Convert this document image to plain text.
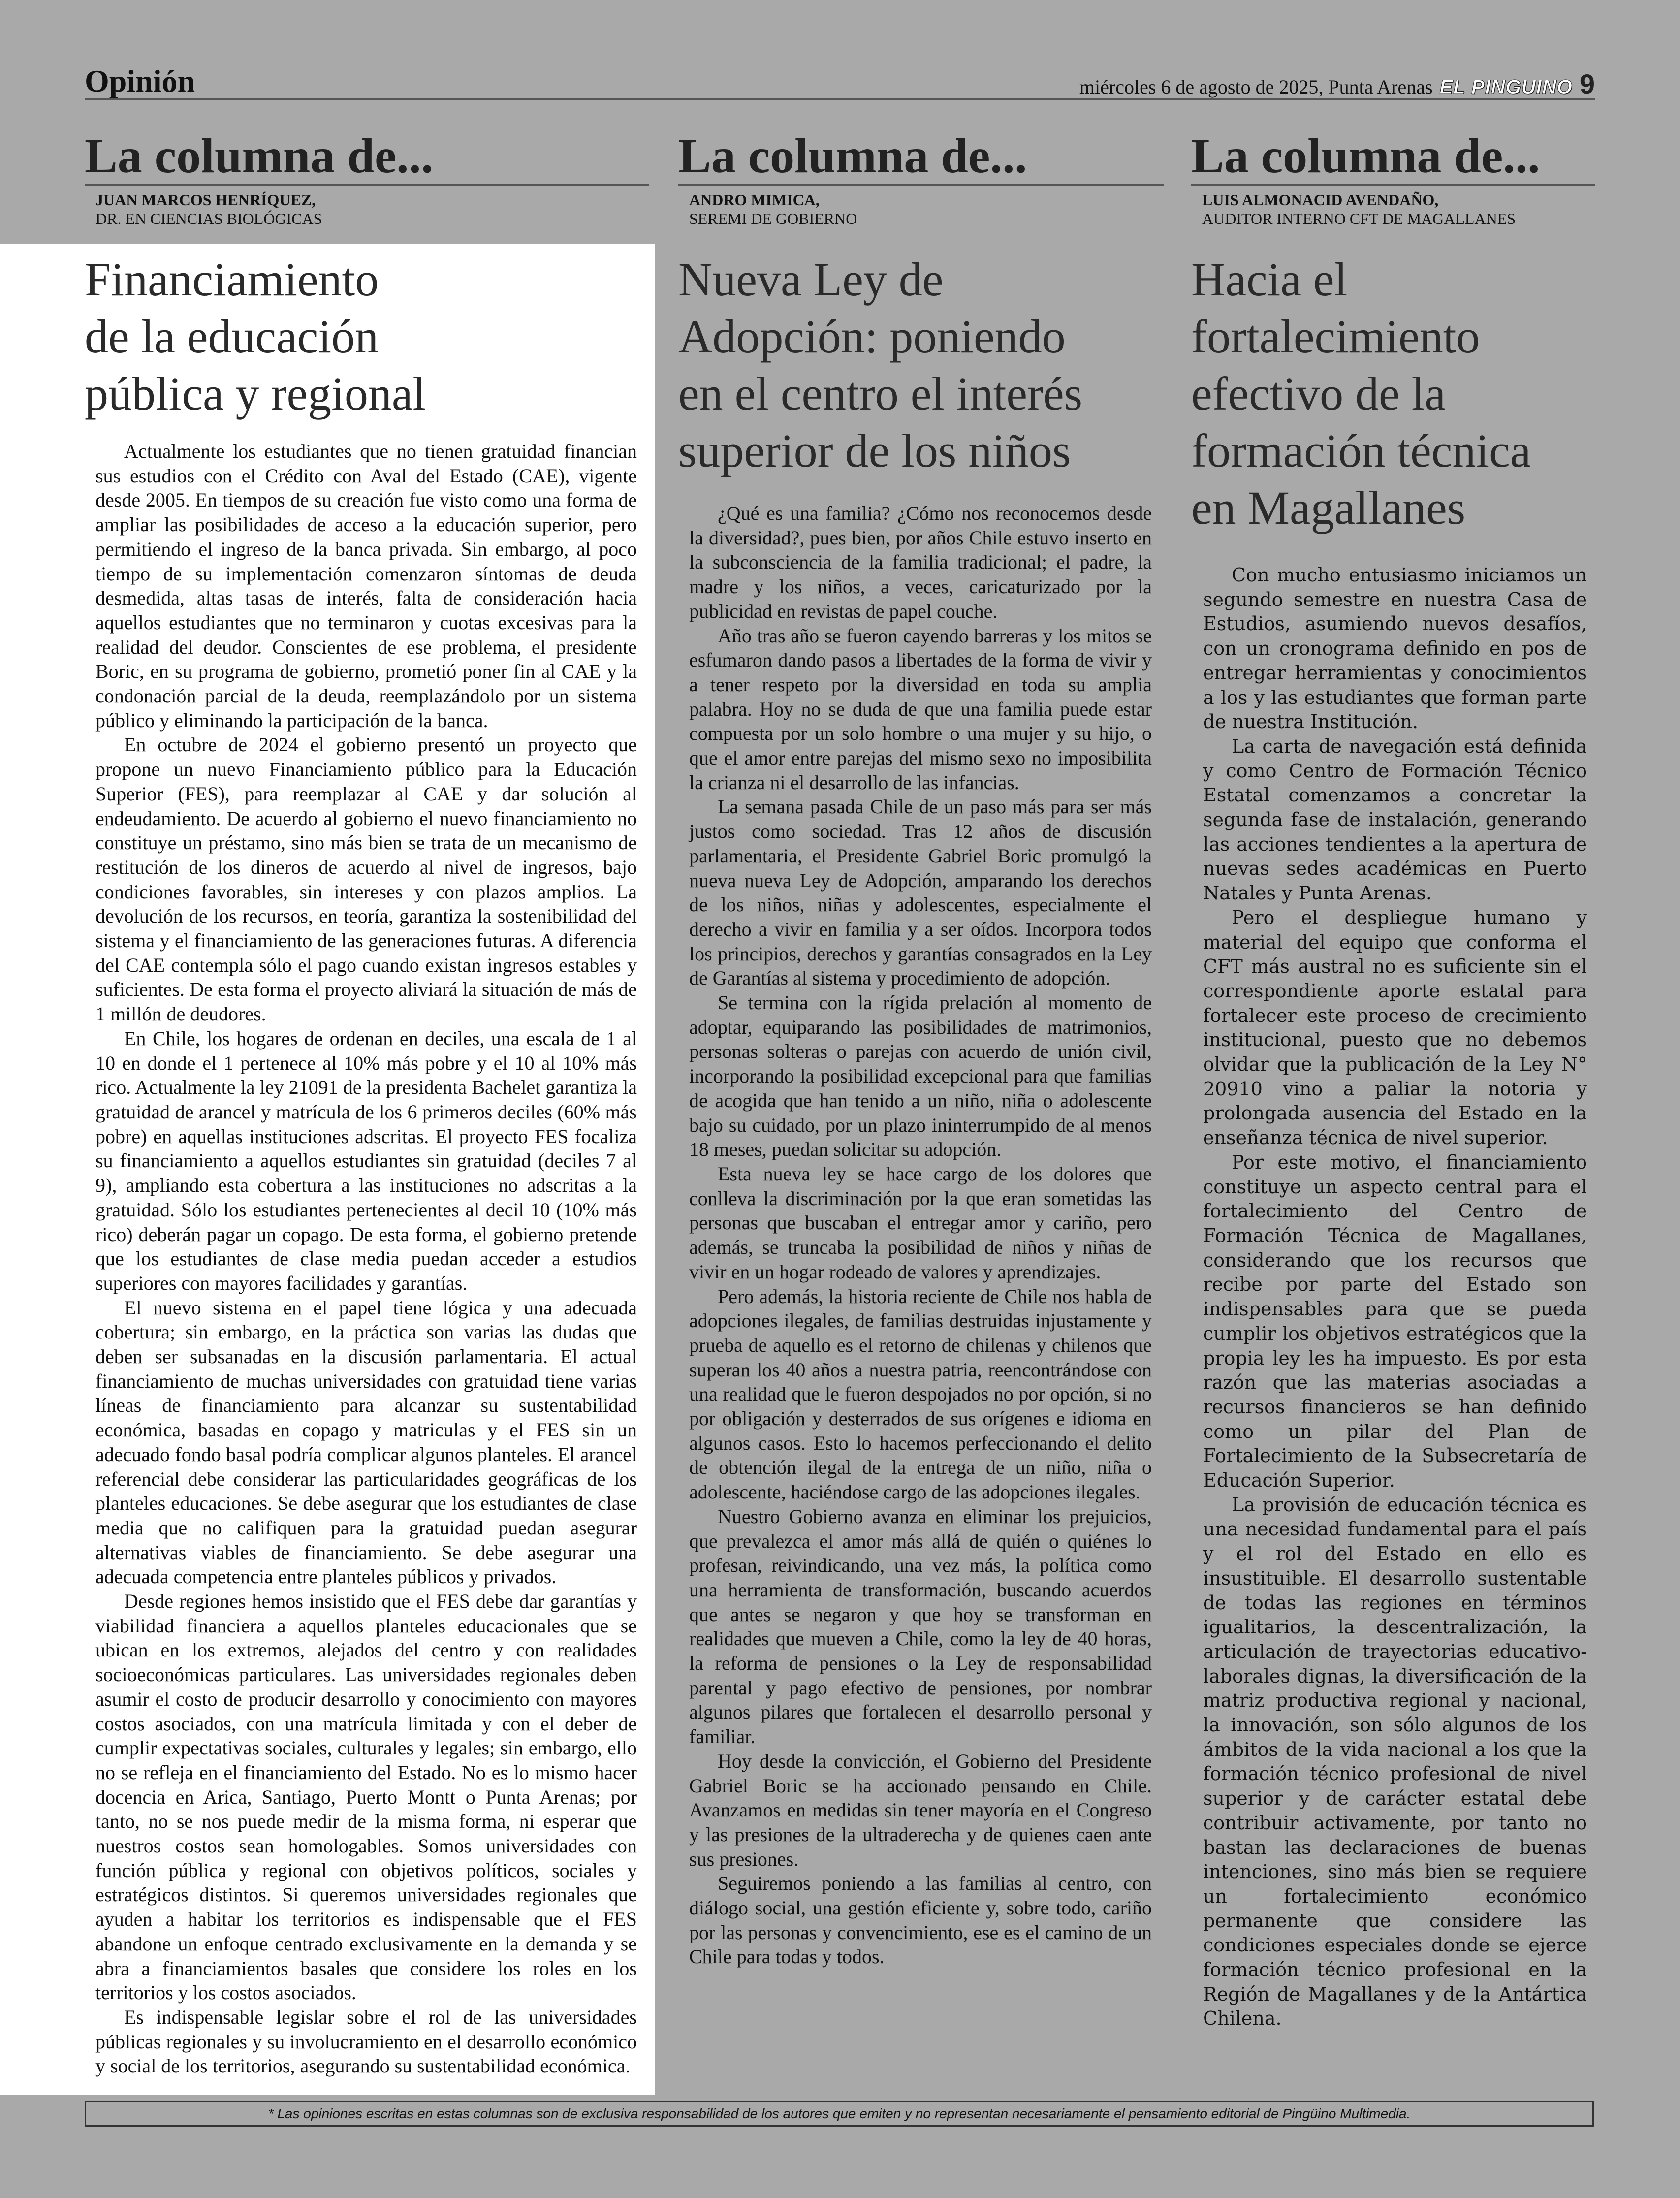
Opinión	miércoles 6 de agosto de 2025, Punta Arenas EL PINGUINO 9
La columna de...
JUAN MARCOS HENRÍQUEZ,
DR. EN CIENCIAS BIOLÓGICAS
La columna de...
ANDRO MIMICA,
SEREMI DE GOBIERNO
La columna de...
LUIS ALMONACID AVENDAÑO,
AUDITOR INTERNO CFT DE MAGALLANES
Financiamiento
de la educación
pública y regional

Actualmente los estudiantes que no tienen gratuidad financian sus estudios con el Crédito con Aval del Estado (CAE), vigente desde 2005. En tiempos de su creación fue visto como una forma de ampliar las posibilidades de acceso a la educación superior, pero permitiendo el ingreso de la banca privada. Sin embargo, al poco tiempo de su implementación comenzaron síntomas de deuda desmedida, altas tasas de interés, falta de consideración hacia aquellos estudiantes que no terminaron y cuotas excesivas para la realidad del deudor. Conscientes de ese problema, el presidente Boric, en su programa de gobierno, prometió poner fin al CAE y la condonación parcial de la deuda, reemplazándolo por un sistema público y eliminando la participación de la banca.

En octubre de 2024 el gobierno presentó un proyecto que propone un nuevo Financiamiento público para la Educación Superior (FES), para reemplazar al CAE y dar solución al endeudamiento. De acuerdo al gobierno el nuevo financiamiento no constituye un préstamo, sino más bien se trata de un mecanismo de restitución de los dineros de acuerdo al nivel de ingresos, bajo condiciones favorables, sin intereses y con plazos amplios. La devolución de los recursos, en teoría, garantiza la sostenibilidad del sistema y el financiamiento de las generaciones futuras. A diferencia del CAE contempla sólo el pago cuando existan ingresos estables y suficientes. De esta forma el proyecto aliviará la situación de más de 1 millón de deudores.

En Chile, los hogares de ordenan en deciles, una escala de 1 al 10 en donde el 1 pertenece al 10% más pobre y el 10 al 10% más rico. Actualmente la ley 21091 de la presidenta Bachelet garantiza la gratuidad de arancel y matrícula de los 6 primeros deciles (60% más pobre) en aquellas instituciones adscritas. El proyecto FES focaliza su financiamiento a aquellos estudiantes sin gratuidad (deciles 7 al 9), ampliando esta cobertura a las instituciones no adscritas a la gratuidad. Sólo los estudiantes pertenecientes al decil 10 (10% más rico) deberán pagar un copago. De esta forma, el gobierno pretende que los estudiantes de clase media puedan acceder a estudios superiores con mayores facilidades y garantías.

El nuevo sistema en el papel tiene lógica y una adecuada cobertura; sin embargo, en la práctica son varias las dudas que deben ser subsanadas en la discusión parlamentaria. El actual financiamiento de muchas universidades con gratuidad tiene varias líneas de financiamiento para alcanzar su sustentabilidad económica, basadas en copago y matriculas y el FES sin un adecuado fondo basal podría complicar algunos planteles. El arancel referencial debe considerar las particularidades geográficas de los planteles educaciones. Se debe asegurar que los estudiantes de clase media que no califiquen para la gratuidad puedan asegurar alternativas viables de financiamiento. Se debe asegurar una adecuada competencia entre planteles públicos y privados.

Desde regiones hemos insistido que el FES debe dar garantías y viabilidad financiera a aquellos planteles educacionales que se ubican en los extremos, alejados del centro y con realidades socioeconómicas particulares. Las universidades regionales deben asumir el costo de producir desarrollo y conocimiento con mayores costos asociados, con una matrícula limitada y con el deber de cumplir expectativas sociales, culturales y legales; sin embargo, ello no se refleja en el financiamiento del Estado. No es lo mismo hacer docencia en Arica, Santiago, Puerto Montt o Punta Arenas; por tanto, no se nos puede medir de la misma forma, ni esperar que nuestros costos sean homologables. Somos universidades con función pública y regional con objetivos políticos, sociales y estratégicos distintos. Si queremos universidades regionales que ayuden a habitar los territorios es indispensable que el FES abandone un enfoque centrado exclusivamente en la demanda y se abra a financiamientos basales que considere los roles en los territorios y los costos asociados.

Es indispensable legislar sobre el rol de las universidades públicas regionales y su involucramiento en el desarrollo económico y social de los territorios, asegurando su sustentabilidad económica.

Nueva Ley de
Adopción: poniendo
en el centro el interés
superior de los niños

¿Qué es una familia? ¿Cómo nos reconocemos desde la diversidad?, pues bien, por años Chile estuvo inserto en la subconsciencia de la familia tradicional; el padre, la madre y los niños, a veces, caricaturizado por la publicidad en revistas de papel couche.

Año tras año se fueron cayendo barreras y los mitos se esfumaron dando pasos a libertades de la forma de vivir y a tener respeto por la diversidad en toda su amplia palabra. Hoy no se duda de que una familia puede estar compuesta por un solo hombre o una mujer y su hijo, o que el amor entre parejas del mismo sexo no imposibilita la crianza ni el desarrollo de las infancias.

La semana pasada Chile de un paso más para ser más justos como sociedad. Tras 12 años de discusión parlamentaria, el Presidente Gabriel Boric promulgó la nueva nueva Ley de Adopción, amparando los derechos de los niños, niñas y adolescentes, especialmente el derecho a vivir en familia y a ser oídos. Incorpora todos los principios, derechos y garantías consagrados en la Ley de Garantías al sistema y procedimiento de adopción.

Se termina con la rígida prelación al momento de adoptar, equiparando las posibilidades de matrimonios, personas solteras o parejas con acuerdo de unión civil, incorporando la posibilidad excepcional para que familias de acogida que han tenido a un niño, niña o adolescente bajo su cuidado, por un plazo ininterrumpido de al menos 18 meses, puedan solicitar su adopción.

Esta nueva ley se hace cargo de los dolores que conlleva la discriminación por la que eran sometidas las personas que buscaban el entregar amor y cariño, pero además, se truncaba la posibilidad de niños y niñas de vivir en un hogar rodeado de valores y aprendizajes.

Pero además, la historia reciente de Chile nos habla de adopciones ilegales, de familias destruidas injustamente y prueba de aquello es el retorno de chilenas y chilenos que superan los 40 años a nuestra patria, reencontrándose con una realidad que le fueron despojados no por opción, si no por obligación y desterrados de sus orígenes e idioma en algunos casos. Esto lo hacemos perfeccionando el delito de obtención ilegal de la entrega de un niño, niña o adolescente, haciéndose cargo de las adopciones ilegales.

Nuestro Gobierno avanza en eliminar los prejuicios, que prevalezca el amor más allá de quién o quiénes lo profesan, reivindicando, una vez más, la política como una herramienta de transformación, buscando acuerdos que antes se negaron y que hoy se transforman en realidades que mueven a Chile, como la ley de 40 horas, la reforma de pensiones o la Ley de responsabilidad parental y pago efectivo de pensiones, por nombrar algunos pilares que fortalecen el desarrollo personal y familiar.

Hoy desde la convicción, el Gobierno del Presidente Gabriel Boric se ha accionado pensando en Chile. Avanzamos en medidas sin tener mayoría en el Congreso y las presiones de la ultraderecha y de quienes caen ante sus presiones.

Seguiremos poniendo a las familias al centro, con diálogo social, una gestión eficiente y, sobre todo, cariño por las personas y convencimiento, ese es el camino de un Chile para todas y todos.

Hacia el
fortalecimiento
efectivo de la
formación técnica
en Magallanes

Con mucho entusiasmo iniciamos un segundo semestre en nuestra Casa de Estudios, asumiendo nuevos desafíos, con un cronograma definido en pos de entregar herramientas y conocimientos a los y las estudiantes que forman parte de nuestra Institución.

La carta de navegación está definida y como Centro de Formación Técnico Estatal comenzamos a concretar la segunda fase de instalación, generando las acciones tendientes a la apertura de nuevas sedes académicas en Puerto Natales y Punta Arenas.

Pero el despliegue humano y material del equipo que conforma el CFT más austral no es suficiente sin el correspondiente aporte estatal para fortalecer este proceso de crecimiento institucional, puesto que no debemos olvidar que la publicación de la Ley N° 20910 vino a paliar la notoria y prolongada ausencia del Estado en la enseñanza técnica de nivel superior.

Por este motivo, el financiamiento constituye un aspecto central para el fortalecimiento del Centro de Formación Técnica de Magallanes, considerando que los recursos que recibe por parte del Estado son indispensables para que se pueda cumplir los objetivos estratégicos que la propia ley les ha impuesto. Es por esta razón que las materias asociadas a recursos financieros se han definido como un pilar del Plan de Fortalecimiento de la Subsecretaría de Educación Superior.

La provisión de educación técnica es una necesidad fundamental para el país y el rol del Estado en ello es insustituible. El desarrollo sustentable de todas las regiones en términos igualitarios, la descentralización, la articulación de trayectorias educativo-laborales dignas, la diversificación de la matriz productiva regional y nacional, la innovación, son sólo algunos de los ámbitos de la vida nacional a los que la formación técnico profesional de nivel superior y de carácter estatal debe contribuir activamente, por tanto no bastan las declaraciones de buenas intenciones, sino más bien se requiere un fortalecimiento económico permanente que considere las condiciones especiales donde se ejerce formación técnico profesional en la Región de Magallanes y de la Antártica Chilena.

* Las opiniones escritas en estas columnas son de exclusiva responsabilidad de los autores que emiten y no representan necesariamente el pensamiento editorial de Pingüino Multimedia.
